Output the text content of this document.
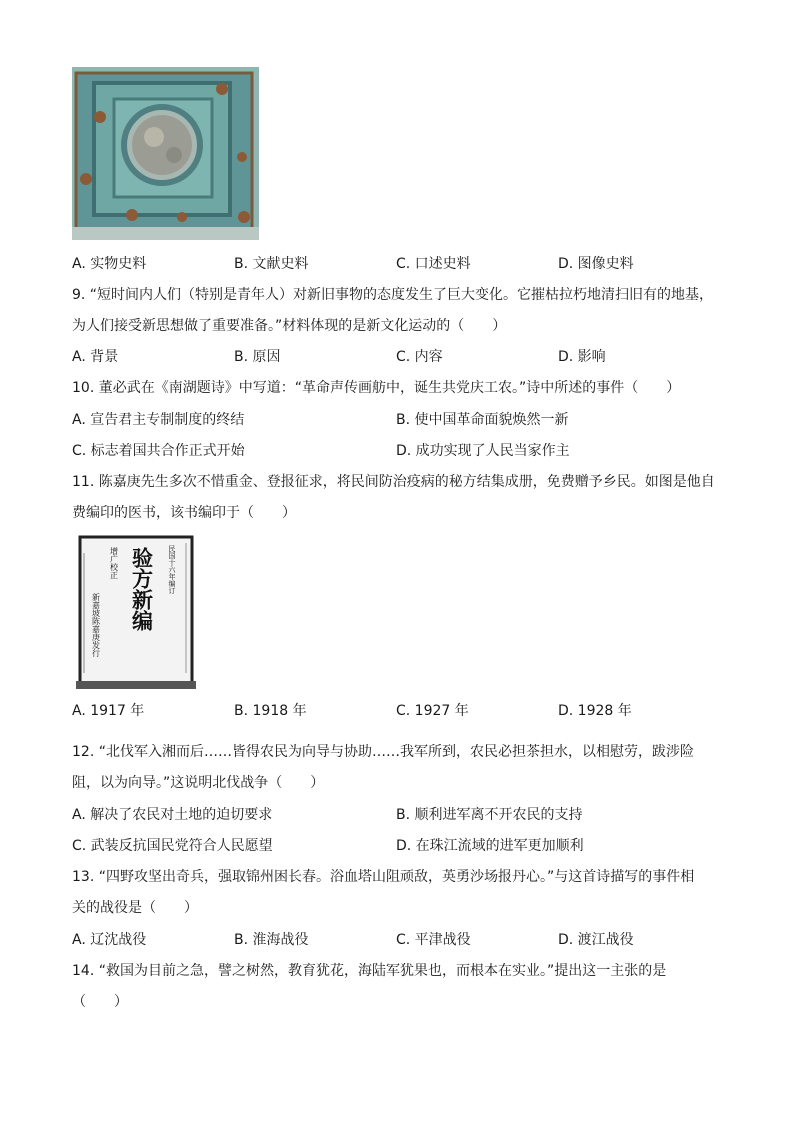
A. 实物史料	B. 文献史料	C. 口述史料	D. 图像史料
9. “短时间内人们（特别是青年人）对新旧事物的态度发生了巨大变化。它摧枯拉朽地清扫旧有的地基，
为人们接受新思想做了重要准备。”材料体现的是新文化运动的（　　）
A. 背景	B. 原因	C. 内容	D. 影响
10. 董必武在《南湖题诗》中写道：“革命声传画舫中，诞生共党庆工农。”诗中所述的事件（　　）
A. 宣告君主专制制度的终结	B. 使中国革命面貌焕然一新
C. 标志着国共合作正式开始	D. 成功实现了人民当家作主
11. 陈嘉庚先生多次不惜重金、登报征求，将民间防治疫病的秘方结集成册，免费赠予乡民。如图是他自
费编印的医书，该书编印于（　　）
增广校正	民国十六年编订
验方新编
新嘉坡陈嘉庚发行
A. 1917 年	B. 1918 年	C. 1927 年	D. 1928 年
12. “北伐军入湘而后……皆得农民为向导与协助……我军所到，农民必担茶担水，以相慰劳，跋涉险
阻，以为向导。”这说明北伐战争（　　）
A. 解决了农民对土地的迫切要求	B. 顺利进军离不开农民的支持
C. 武装反抗国民党符合人民愿望	D. 在珠江流域的进军更加顺利
13. “四野攻坚出奇兵，强取锦州困长春。浴血塔山阻顽敌，英勇沙场报丹心。”与这首诗描写的事件相
关的战役是（　　）
A. 辽沈战役	B. 淮海战役	C. 平津战役	D. 渡江战役
14. “救国为目前之急，譬之树然，教育犹花，海陆军犹果也，而根本在实业。”提出这一主张的是
（　　）
